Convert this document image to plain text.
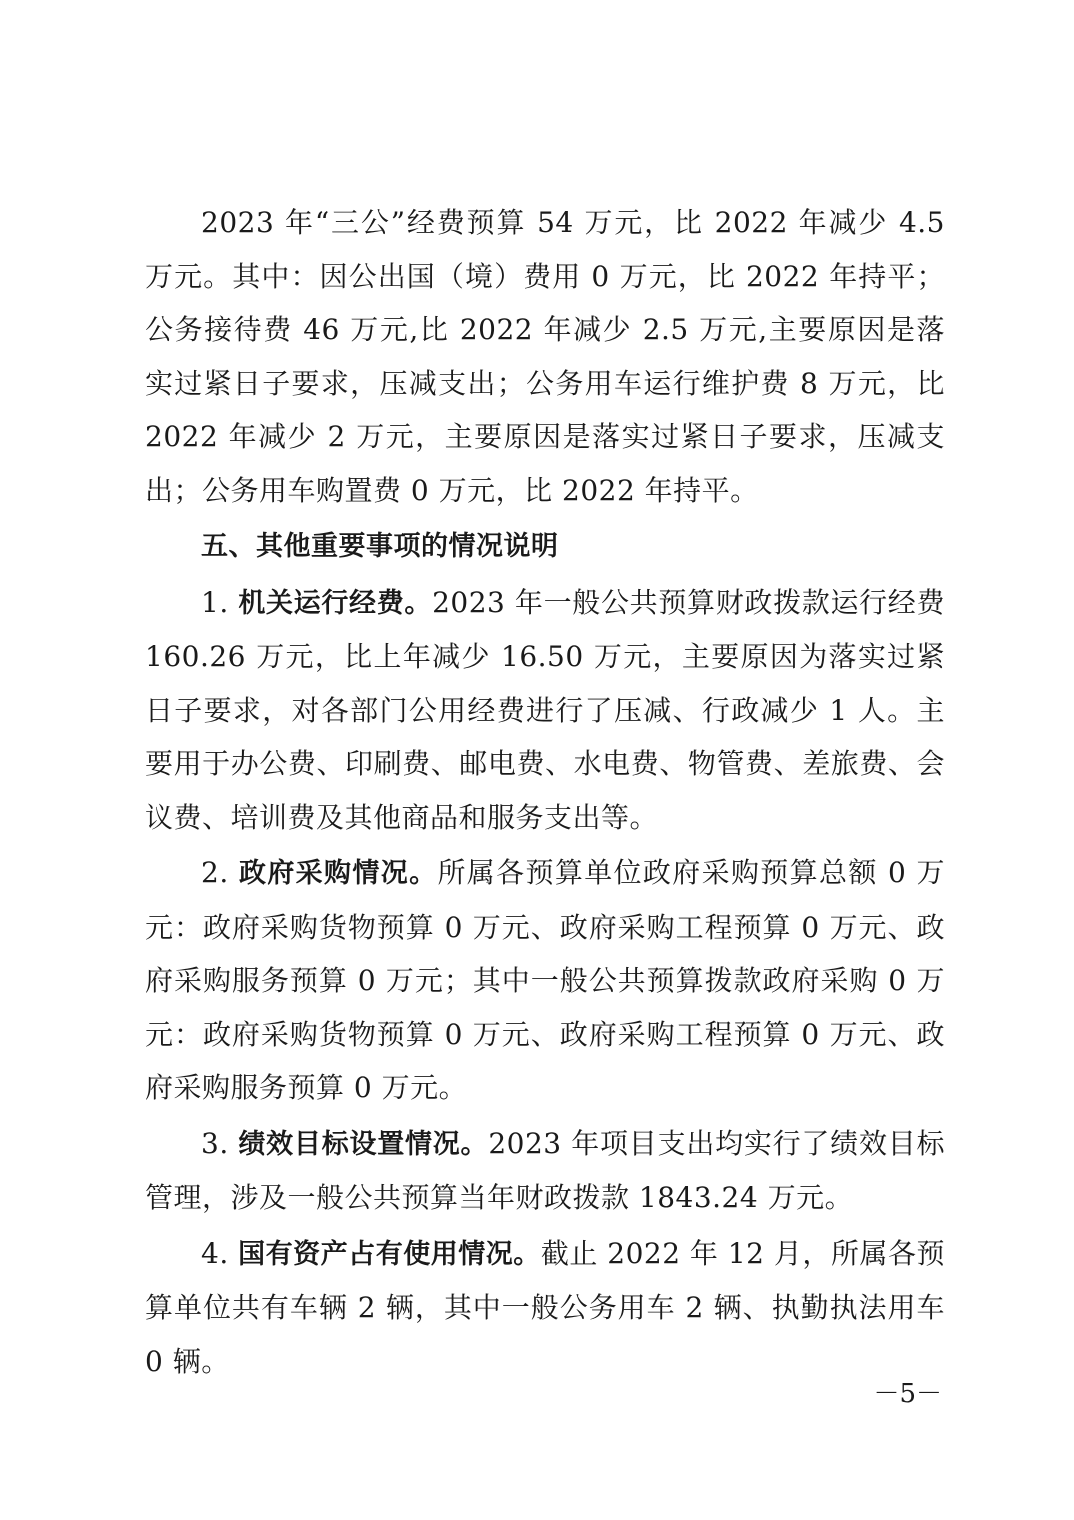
2023 年“三公”经费预算 54 万元，比 2022 年减少 4.5 万元。其中：因公出国（境）费用 0 万元，比 2022 年持平；公务接待费 46 万元,比 2022 年减少 2.5 万元,主要原因是落实过紧日子要求，压减支出；公务用车运行维护费 8 万元，比 2022 年减少 2 万元，主要原因是落实过紧日子要求，压减支出；公务用车购置费 0 万元，比 2022 年持平。

五、其他重要事项的情况说明

1. 机关运行经费。2023 年一般公共预算财政拨款运行经费 160.26 万元，比上年减少 16.50 万元，主要原因为落实过紧日子要求，对各部门公用经费进行了压减、行政减少 1 人。主要用于办公费、印刷费、邮电费、水电费、物管费、差旅费、会议费、培训费及其他商品和服务支出等。

2. 政府采购情况。所属各预算单位政府采购预算总额 0 万元：政府采购货物预算 0 万元、政府采购工程预算 0 万元、政府采购服务预算 0 万元；其中一般公共预算拨款政府采购 0 万元：政府采购货物预算 0 万元、政府采购工程预算 0 万元、政府采购服务预算 0 万元。

3. 绩效目标设置情况。2023 年项目支出均实行了绩效目标管理，涉及一般公共预算当年财政拨款 1843.24 万元。

4. 国有资产占有使用情况。截止 2022 年 12 月，所属各预算单位共有车辆 2 辆，其中一般公务用车 2 辆、执勤执法用车 0 辆。

－5－
